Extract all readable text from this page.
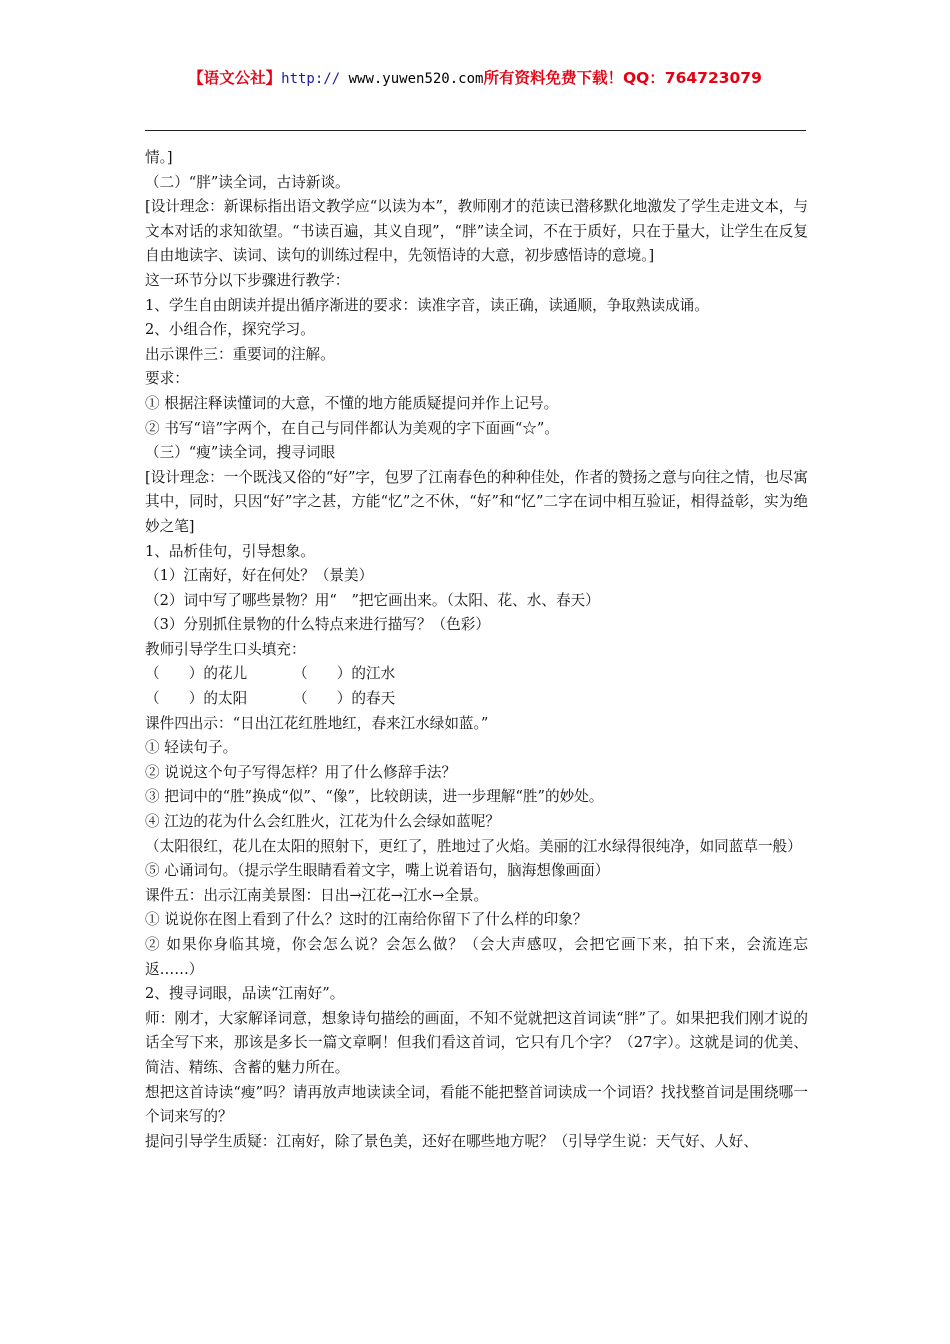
【语文公社】http:// www.yuwen520.com所有资料免费下载！QQ：764723079

情。]

（二）“胖”读全词，古诗新谈。

[设计理念：新课标指出语文教学应“以读为本”，教师刚才的范读已潜移默化地激发了学生走进文本，与文本对话的求知欲望。“书读百遍，其义自现”，“胖”读全词，不在于质好，只在于量大，让学生在反复自由地读字、读词、读句的训练过程中，先领悟诗的大意，初步感悟诗的意境。]

这一环节分以下步骤进行教学：

1、学生自由朗读并提出循序渐进的要求：读准字音，读正确，读通顺，争取熟读成诵。

2、小组合作，探究学习。

出示课件三：重要词的注解。

要求：

① 根据注释读懂词的大意，不懂的地方能质疑提问并作上记号。

② 书写“谙”字两个，在自己与同伴都认为美观的字下面画“☆”。

（三）“瘦”读全词，搜寻词眼

[设计理念：一个既浅又俗的“好”字，包罗了江南春色的种种佳处，作者的赞扬之意与向往之情，也尽寓其中，同时，只因“好”字之甚，方能“忆”之不休，“好”和“忆”二字在词中相互验证，相得益彰，实为绝妙之笔]

1、品析佳句，引导想象。

（1）江南好，好在何处？（景美）

（2）词中写了哪些景物？用“　”把它画出来。（太阳、花、水、春天）

（3）分别抓住景物的什么特点来进行描写？（色彩）

教师引导学生口头填充：

（　　）的花儿	（　　）的江水
（　　）的太阳	（　　）的春天

课件四出示：“日出江花红胜地红，春来江水绿如蓝。”

① 轻读句子。

② 说说这个句子写得怎样？用了什么修辞手法？

③ 把词中的“胜”换成“似”、“像”，比较朗读，进一步理解“胜”的妙处。

④ 江边的花为什么会红胜火，江花为什么会绿如蓝呢？

（太阳很红，花儿在太阳的照射下，更红了，胜地过了火焰。美丽的江水绿得很纯净，如同蓝草一般）

⑤ 心诵词句。（提示学生眼睛看着文字，嘴上说着语句，脑海想像画面）

课件五：出示江南美景图：日出→江花→江水→全景。

① 说说你在图上看到了什么？这时的江南给你留下了什么样的印象？

② 如果你身临其境，你会怎么说？会怎么做？（会大声感叹，会把它画下来，拍下来，会流连忘返……）

2、搜寻词眼，品读“江南好”。

师：刚才，大家解译词意，想象诗句描绘的画面，不知不觉就把这首词读“胖”了。如果把我们刚才说的话全写下来，那该是多长一篇文章啊！但我们看这首词，它只有几个字？（27字）。这就是词的优美、简洁、精练、含蓄的魅力所在。

想把这首诗读“瘦”吗？请再放声地读读全词，看能不能把整首词读成一个词语？找找整首词是围绕哪一个词来写的？

提问引导学生质疑：江南好，除了景色美，还好在哪些地方呢？（引导学生说：天气好、人好、
